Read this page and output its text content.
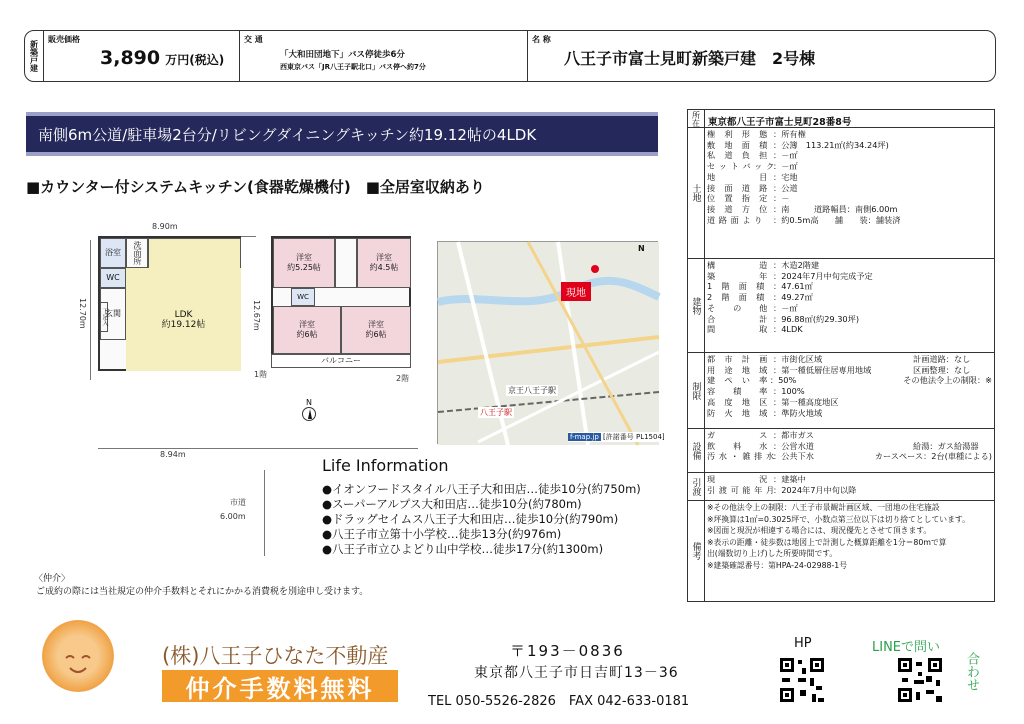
新築戸建
販売価格
3,890 万円(税込)
交 通
「大和田団地下」バス停徒歩6分
西東京バス「JR八王子駅北口」バス停へ約7分
名 称
八王子市富士見町新築戸建　2号棟
南側6m公道/駐車場2台分/リビングダイニングキッチン約19.12帖の4LDK
■カウンター付システムキッチン(食器乾燥機付)　■全居室収納あり
8.90m
12.70m
浴室 洗面所
WC
LDK
約19.12帖
玄関
下足入
1階
12.67m
洋室
約5.25帖
洋室
約4.5帖
WC
洋室
約6帖
洋室
約6帖
バルコニー
2階
N
8.94m
市道
6.00m
現地
京王八王子駅
八王子駅
f-map.jp [許諾番号 PL1504]
N
Life Information
●イオンフードスタイル八王子大和田店…徒歩10分(約750m)
●スーパーアルプス大和田店…徒歩10分(約780m)
●ドラッグセイムス八王子大和田店…徒歩10分(約790m)
●八王子市立第十小学校…徒歩13分(約976m)
●八王子市立ひよどり山中学校…徒歩17分(約1300m)
〈仲介〉
ご成約の際には当社規定の仲介手数料とそれにかかる消費税を別途申し受けます。
所在 東京都八王子市富士見町28番8号
土地
権　利　形　態 ：所有権
敷　地　面　積 ：公簿　113.21㎡(約34.24坪)
私　道　負　担 ：－㎡
セ ッ ト バ ッ ク
：－㎡
地　　　　　目 ：宅地
接　面　道　路 ：公道
位　置　指　定 ：－
接　道　方　位 ：南　　　道路幅員：南側6.00m
道 路 面 よ り	：約0.5m高　　舗　　装：舗装済
建物
構　　　　　造 ：木造2階建
築　　　　　年 ：2024年7月中旬完成予定
1　階　面　積 ：47.61㎡
2　階　面　積 ：49.27㎡
そ　　の　　他 ：－㎡
合　　　　　計 ：96.88㎡(約29.30坪)
間　　　　　取 ：4LDK
制限
都　市　計　画 ：市街化区域	計画道路：なし
用　途　地　域 ：第一種低層住居専用地域	区画整理：なし
建　ぺ　い　率 ：50%	その他法令上の制限：※
容　　積　　率 ：100%
高　度　地　区 ：第一種高度地区
防　火　地　域 ：準防火地域
設備
ガ　　　　　ス ：都市ガス
飲　　料　　水 ：公営水道	給湯：ガス給湯器
汚 水 ・ 雑 排 水
：公共下水	カースペース：2台(車種による)
引渡 現　　　　　況 ：建築中
引 渡 可 能 年 月
：2024年7月中旬以降
備考
※その他法令上の制限：八王子市景観計画区域、一団地の住宅施設
※坪換算は1㎡=0.3025坪で、小数点第三位以下は切り捨てとしています。
※図面と現況が相違する場合には、現況優先とさせて頂きます。
※表示の距離・徒歩数は地図上で計測した概算距離を1分＝80mで算
出(端数切り上げ)した所要時間です。
※建築確認番号：第HPA-24-02988-1号
(株)八王子ひなた不動産
仲介手数料無料
〒193－0836
東京都八王子市日吉町13－36
TEL 050-5526-2826　FAX 042-633-0181
HP	LINEで問い
合わせ
